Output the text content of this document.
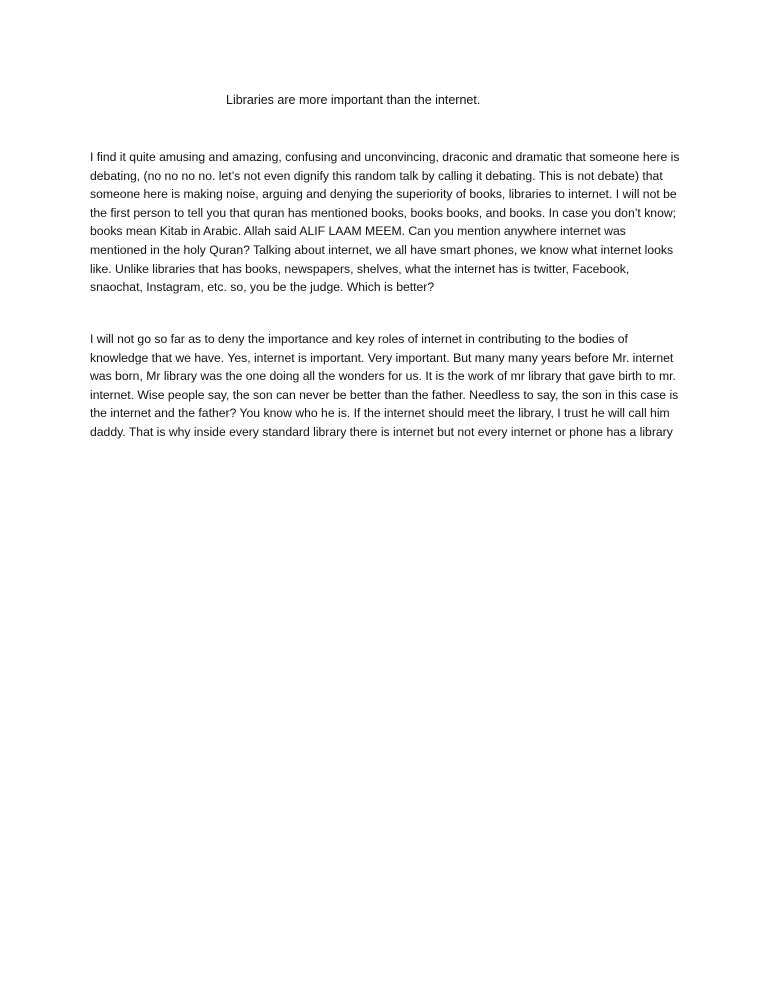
Libraries are more important than the internet.

I find it quite amusing and amazing, confusing and unconvincing, draconic and dramatic that someone here is debating, (no no no no. let’s not even dignify this random talk by calling it debating. This is not debate) that someone here is making noise, arguing and denying the superiority of books, libraries to internet. I will not be the first person to tell you that quran has mentioned books, books books, and books. In case you don’t know; books mean Kitab in Arabic. Allah said ALIF LAAM MEEM. Can you mention anywhere internet was mentioned in the holy Quran? Talking about internet, we all have smart phones, we know what internet looks like. Unlike libraries that has books, newspapers, shelves, what the internet has is twitter, Facebook, snaochat, Instagram, etc. so, you be the judge. Which is better?

I will not go so far as to deny the importance and key roles of internet in contributing to the bodies of knowledge that we have. Yes, internet is important. Very important. But many many years before Mr. internet was born, Mr library was the one doing all the wonders for us. It is the work of mr library that gave birth to mr. internet. Wise people say, the son can never be better than the father. Needless to say, the son in this case is the internet and the father? You know who he is. If the internet should meet the library, I trust he will call him daddy. That is why inside every standard library there is internet but not every internet or phone has a library
